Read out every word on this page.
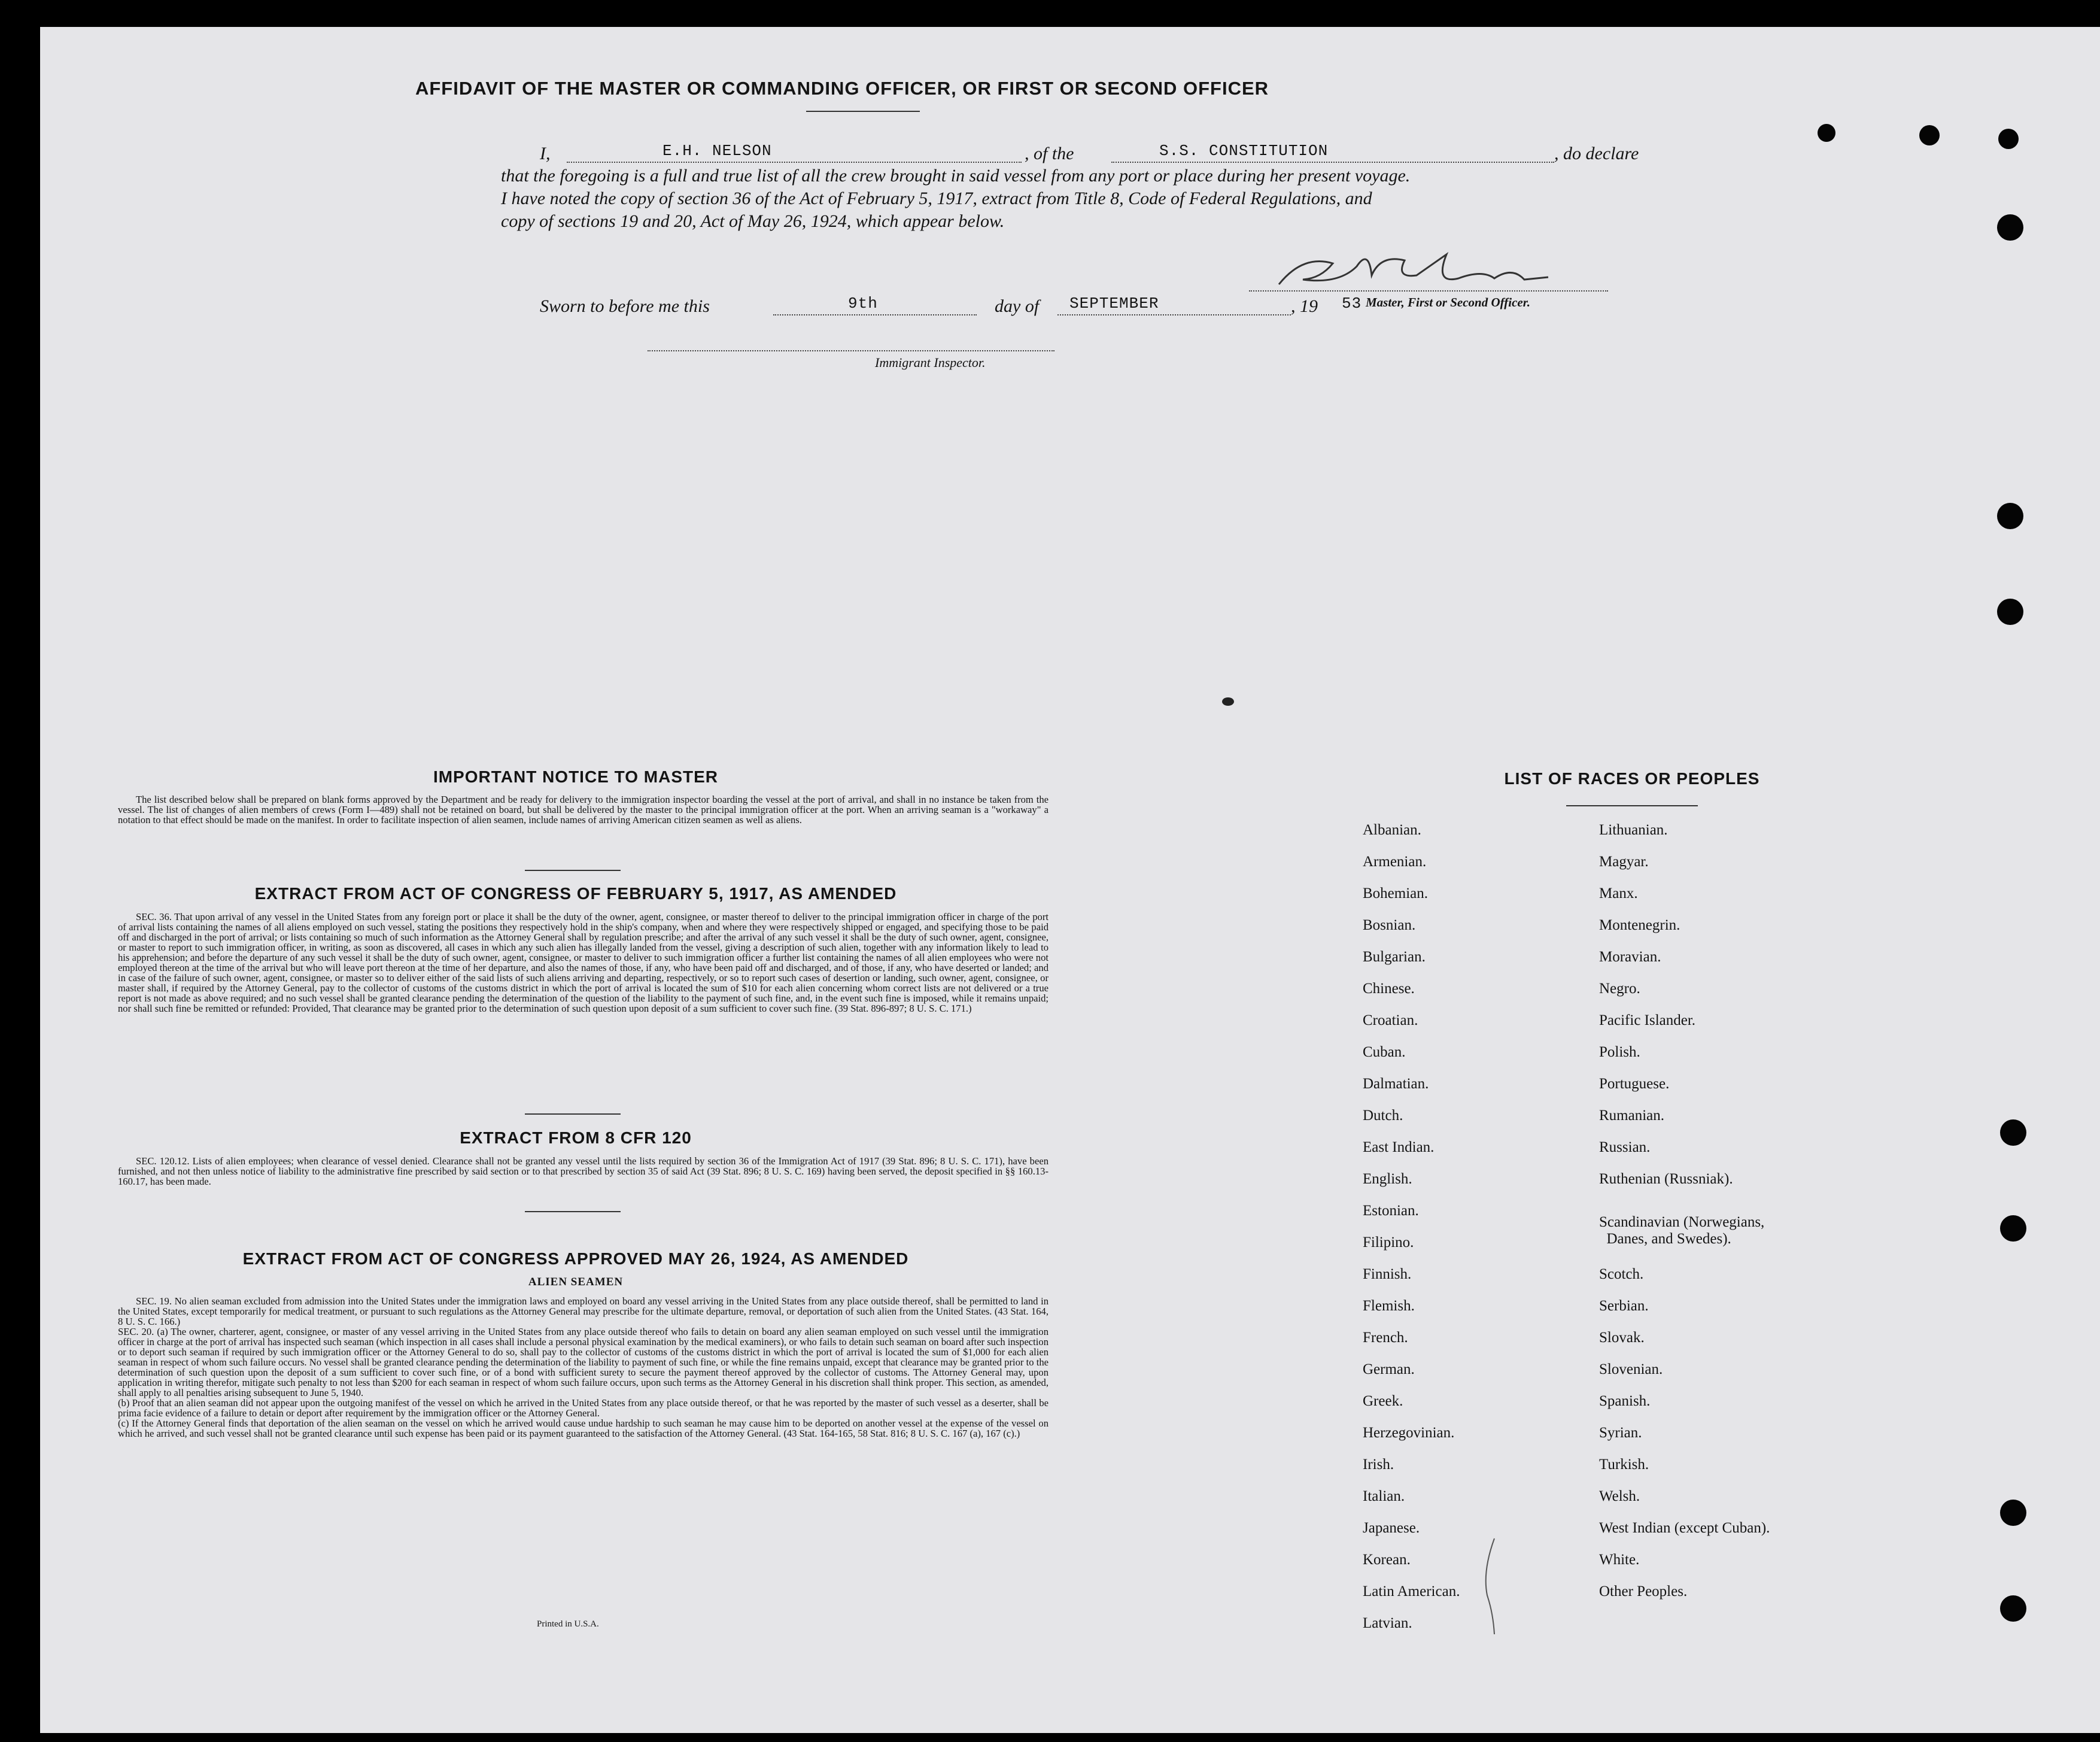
AFFIDAVIT OF THE MASTER OR COMMANDING OFFICER, OR FIRST OR SECOND OFFICER
I,	E.H. NELSON	, of the	S.S. CONSTITUTION	, do declare
that the foregoing is a full and true list of all the crew brought in said vessel from any port or place during her present voyage.
I have noted the copy of section 36 of the Act of February 5, 1917, extract from Title 8, Code of Federal Regulations, and
copy of sections 19 and 20, Act of May 26, 1924, which appear below.
Master, First or Second Officer.
Sworn to before me this	9th	day of SEPTEMBER	, 19 53
Immigrant Inspector.
IMPORTANT NOTICE TO MASTER
The list described below shall be prepared on blank forms approved by the Department and be ready for delivery to the immigration inspector boarding the vessel at the port of arrival, and shall in no instance be taken from the vessel. The list of changes of alien members of crews (Form I—489) shall not be retained on board, but shall be delivered by the master to the principal immigration officer at the port. When an arriving seaman is a "workaway" a notation to that effect should be made on the manifest. In order to facilitate inspection of alien seamen, include names of arriving American citizen seamen as well as aliens.
EXTRACT FROM ACT OF CONGRESS OF FEBRUARY 5, 1917, AS AMENDED
SEC. 36. That upon arrival of any vessel in the United States from any foreign port or place it shall be the duty of the owner, agent, consignee, or master thereof to deliver to the principal immigration officer in charge of the port of arrival lists containing the names of all aliens employed on such vessel, stating the positions they respectively hold in the ship's company, when and where they were respectively shipped or engaged, and specifying those to be paid off and discharged in the port of arrival; or lists containing so much of such information as the Attorney General shall by regulation prescribe; and after the arrival of any such vessel it shall be the duty of such owner, agent, consignee, or master to report to such immigration officer, in writing, as soon as discovered, all cases in which any such alien has illegally landed from the vessel, giving a description of such alien, together with any information likely to lead to his apprehension; and before the departure of any such vessel it shall be the duty of such owner, agent, consignee, or master to deliver to such immigration officer a further list containing the names of all alien employees who were not employed thereon at the time of the arrival but who will leave port thereon at the time of her departure, and also the names of those, if any, who have been paid off and discharged, and of those, if any, who have deserted or landed; and in case of the failure of such owner, agent, consignee, or master so to deliver either of the said lists of such aliens arriving and departing, respectively, or so to report such cases of desertion or landing, such owner, agent, consignee, or master shall, if required by the Attorney General, pay to the collector of customs of the customs district in which the port of arrival is located the sum of $10 for each alien concerning whom correct lists are not delivered or a true report is not made as above required; and no such vessel shall be granted clearance pending the determination of the question of the liability to the payment of such fine, and, in the event such fine is imposed, while it remains unpaid; nor shall such fine be remitted or refunded: Provided, That clearance may be granted prior to the determination of such question upon deposit of a sum sufficient to cover such fine. (39 Stat. 896-897; 8 U. S. C. 171.)
EXTRACT FROM 8 CFR 120
SEC. 120.12. Lists of alien employees; when clearance of vessel denied. Clearance shall not be granted any vessel until the lists required by section 36 of the Immigration Act of 1917 (39 Stat. 896; 8 U. S. C. 171), have been furnished, and not then unless notice of liability to the administrative fine prescribed by said section or to that prescribed by section 35 of said Act (39 Stat. 896; 8 U. S. C. 169) having been served, the deposit specified in §§ 160.13-160.17, has been made.
EXTRACT FROM ACT OF CONGRESS APPROVED MAY 26, 1924, AS AMENDED
ALIEN SEAMEN
SEC. 19. No alien seaman excluded from admission into the United States under the immigration laws and employed on board any vessel arriving in the United States from any place outside thereof, shall be permitted to land in the United States, except temporarily for medical treatment, or pursuant to such regulations as the Attorney General may prescribe for the ultimate departure, removal, or deportation of such alien from the United States. (43 Stat. 164, 8 U. S. C. 166.)
SEC. 20. (a) The owner, charterer, agent, consignee, or master of any vessel arriving in the United States from any place outside thereof who fails to detain on board any alien seaman employed on such vessel until the immigration officer in charge at the port of arrival has inspected such seaman (which inspection in all cases shall include a personal physical examination by the medical examiners), or who fails to detain such seaman on board after such inspection or to deport such seaman if required by such immigration officer or the Attorney General to do so, shall pay to the collector of customs of the customs district in which the port of arrival is located the sum of $1,000 for each alien seaman in respect of whom such failure occurs. No vessel shall be granted clearance pending the determination of the liability to payment of such fine, or while the fine remains unpaid, except that clearance may be granted prior to the determination of such question upon the deposit of a sum sufficient to cover such fine, or of a bond with sufficient surety to secure the payment thereof approved by the collector of customs. The Attorney General may, upon application in writing therefor, mitigate such penalty to not less than $200 for each seaman in respect of whom such failure occurs, upon such terms as the Attorney General in his discretion shall think proper. This section, as amended, shall apply to all penalties arising subsequent to June 5, 1940.
(b) Proof that an alien seaman did not appear upon the outgoing manifest of the vessel on which he arrived in the United States from any place outside thereof, or that he was reported by the master of such vessel as a deserter, shall be prima facie evidence of a failure to detain or deport after requirement by the immigration officer or the Attorney General.
(c) If the Attorney General finds that deportation of the alien seaman on the vessel on which he arrived would cause undue hardship to such seaman he may cause him to be deported on another vessel at the expense of the vessel on which he arrived, and such vessel shall not be granted clearance until such expense has been paid or its payment guaranteed to the satisfaction of the Attorney General. (43 Stat. 164-165, 58 Stat. 816; 8 U. S. C. 167 (a), 167 (c).)
Printed in U.S.A.
LIST OF RACES OR PEOPLES
Albanian.
Armenian.
Bohemian.
Bosnian.
Bulgarian.
Chinese.
Croatian.
Cuban.
Dalmatian.
Dutch.
East Indian.
English.
Estonian.
Filipino.
Finnish.
Flemish.
French.
German.
Greek.
Herzegovinian.
Irish.
Italian.
Japanese.
Korean.
Latin American.
Latvian.
Lithuanian.
Magyar.
Manx.
Montenegrin.
Moravian.
Negro.
Pacific Islander.
Polish.
Portuguese.
Rumanian.
Russian.
Ruthenian (Russniak).
Scandinavian (Norwegians,
Danes, and Swedes).
Scotch.
Serbian.
Slovak.
Slovenian.
Spanish.
Syrian.
Turkish.
Welsh.
West Indian (except Cuban).
White.
Other Peoples.
